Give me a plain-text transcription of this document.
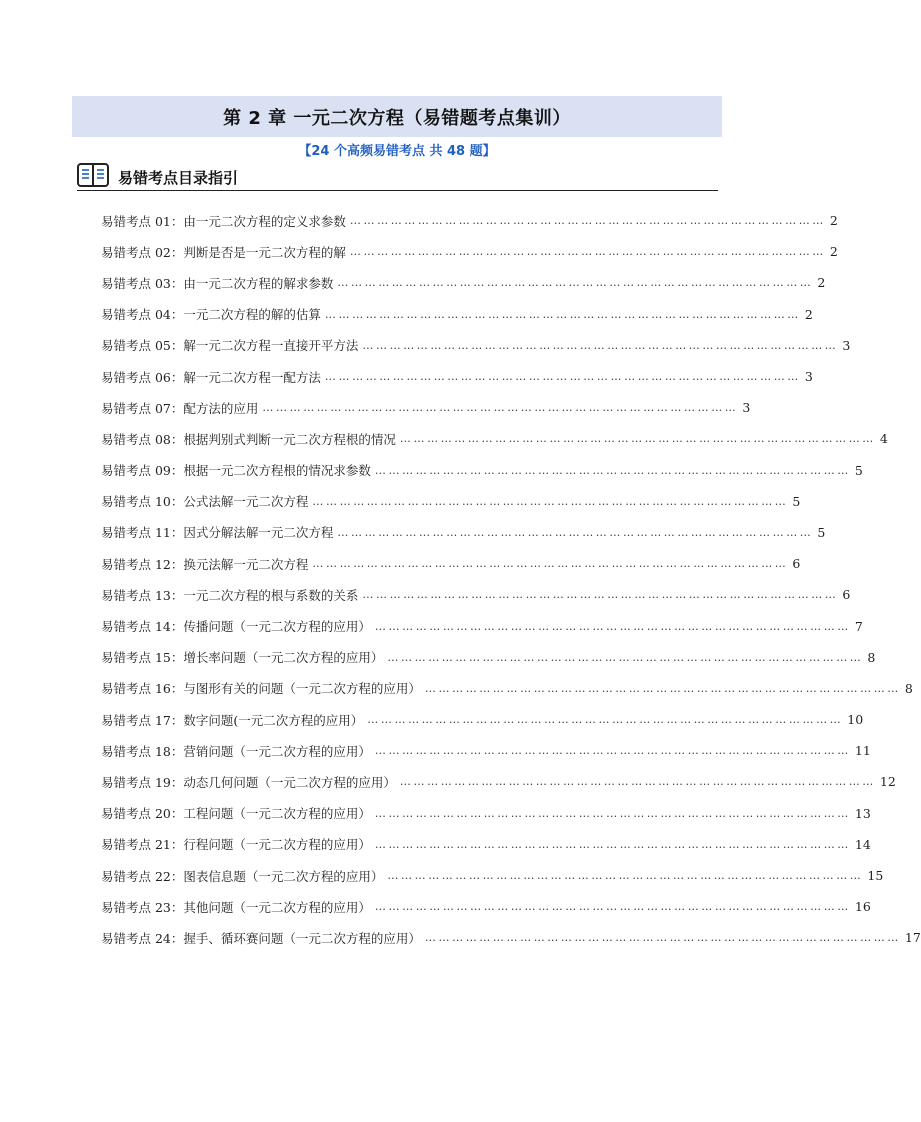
第 2 章 一元二次方程（易错题考点集训）
【24 个高频易错考点 共 48 题】
易错考点目录指引
易错考点 01：由一元二次方程的定义求参数 …………………………………………………………………………………………… 2
易错考点 02：判断是否是一元二次方程的解 …………………………………………………………………………………………… 2
易错考点 03：由一元二次方程的解求参数 …………………………………………………………………………………………… 2
易错考点 04：一元二次方程的解的估算 …………………………………………………………………………………………… 2
易错考点 05：解一元二次方程一直接开平方法 …………………………………………………………………………………………… 3
易错考点 06：解一元二次方程一配方法 …………………………………………………………………………………………… 3
易错考点 07：配方法的应用 …………………………………………………………………………………………… 3
易错考点 08：根据判别式判断一元二次方程根的情况 …………………………………………………………………………………………… 4
易错考点 09：根据一元二次方程根的情况求参数 …………………………………………………………………………………………… 5
易错考点 10：公式法解一元二次方程 …………………………………………………………………………………………… 5
易错考点 11：因式分解法解一元二次方程 …………………………………………………………………………………………… 5
易错考点 12：换元法解一元二次方程 …………………………………………………………………………………………… 6
易错考点 13：一元二次方程的根与系数的关系 …………………………………………………………………………………………… 6
易错考点 14：传播问题（一元二次方程的应用） …………………………………………………………………………………………… 7
易错考点 15：增长率问题（一元二次方程的应用） …………………………………………………………………………………………… 8
易错考点 16：与图形有关的问题（一元二次方程的应用） …………………………………………………………………………………………… 8
易错考点 17：数字问题(一元二次方程的应用） …………………………………………………………………………………………… 10
易错考点 18：营销问题（一元二次方程的应用） …………………………………………………………………………………………… 11
易错考点 19：动态几何问题（一元二次方程的应用） …………………………………………………………………………………………… 12
易错考点 20：工程问题（一元二次方程的应用） …………………………………………………………………………………………… 13
易错考点 21：行程问题（一元二次方程的应用） …………………………………………………………………………………………… 14
易错考点 22：图表信息题（一元二次方程的应用） …………………………………………………………………………………………… 15
易错考点 23：其他问题（一元二次方程的应用） …………………………………………………………………………………………… 16
易错考点 24：握手、循环赛问题（一元二次方程的应用） …………………………………………………………………………………………… 17
